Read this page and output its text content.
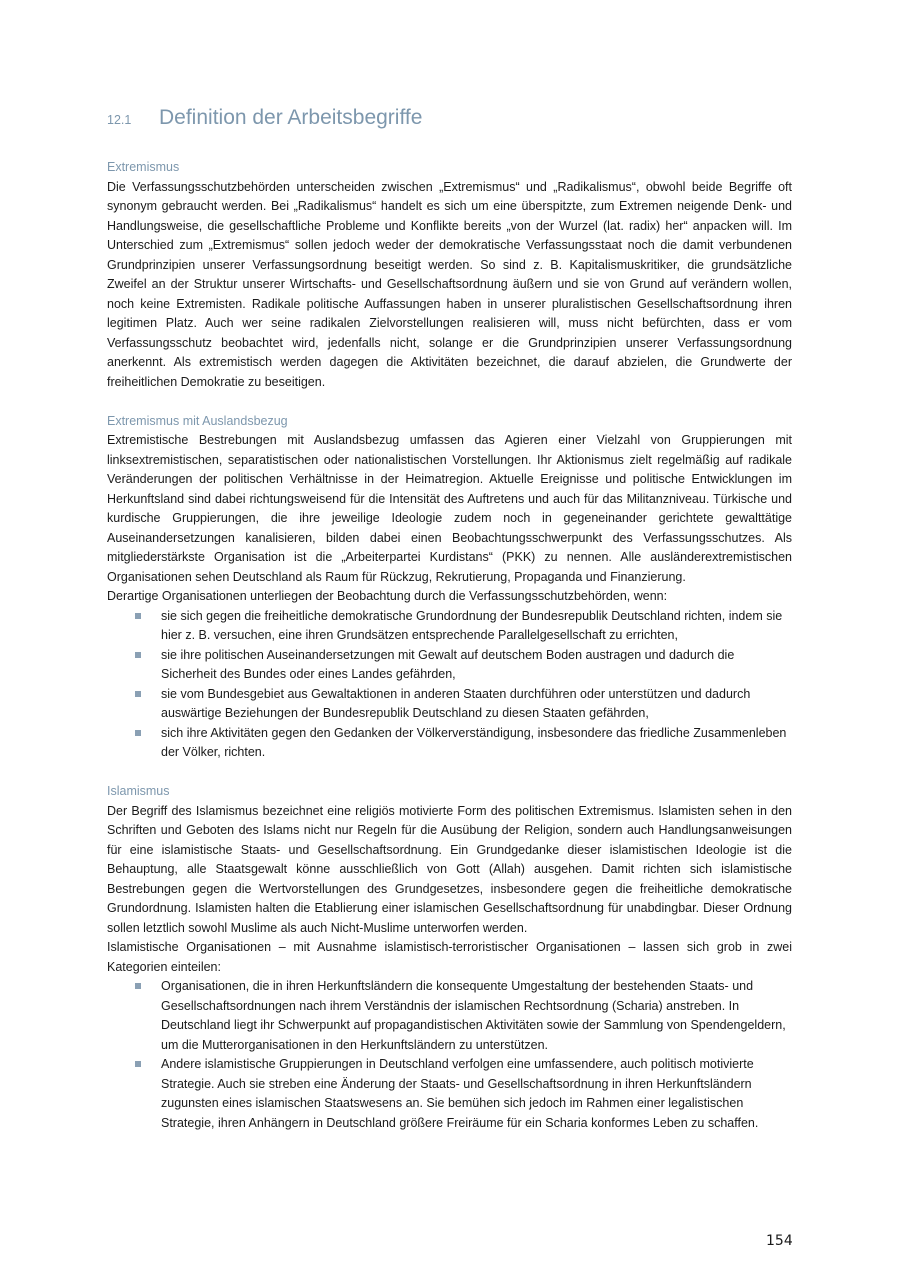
12.1 Definition der Arbeitsbegriffe
Extremismus
Die Verfassungsschutzbehörden unterscheiden zwischen „Extremismus“ und „Radikalismus“, obwohl beide Begriffe oft synonym gebraucht werden. Bei „Radikalismus“ handelt es sich um eine überspitzte, zum Extremen neigende Denk- und Handlungsweise, die gesellschaftliche Probleme und Konflikte bereits „von der Wurzel (lat. radix) her“ anpacken will. Im Unterschied zum „Extremismus“ sollen jedoch weder der demokratische Verfassungsstaat noch die damit verbundenen Grundprinzipien unserer Verfassungsordnung beseitigt werden. So sind z. B. Kapitalismuskritiker, die grundsätzliche Zweifel an der Struktur unserer Wirtschafts- und Gesellschaftsordnung äußern und sie von Grund auf verändern wollen, noch keine Extremisten. Radikale politische Auffassungen haben in unserer pluralistischen Gesellschaftsordnung ihren legitimen Platz. Auch wer seine radikalen Zielvorstellungen realisieren will, muss nicht befürchten, dass er vom Verfassungsschutz beobachtet wird, jedenfalls nicht, solange er die Grundprinzipien unserer Verfassungsordnung anerkennt. Als extremistisch werden dagegen die Aktivitäten bezeichnet, die darauf abzielen, die Grundwerte der freiheitlichen Demokratie zu beseitigen.
Extremismus mit Auslandsbezug
Extremistische Bestrebungen mit Auslandsbezug umfassen das Agieren einer Vielzahl von Gruppierungen mit linksextremistischen, separatistischen oder nationalistischen Vorstellungen. Ihr Aktionismus zielt regelmäßig auf radikale Veränderungen der politischen Verhältnisse in der Heimatregion. Aktuelle Ereignisse und politische Entwicklungen im Herkunftsland sind dabei richtungsweisend für die Intensität des Auftretens und auch für das Militanzniveau. Türkische und kurdische Gruppierungen, die ihre jeweilige Ideologie zudem noch in gegeneinander gerichtete gewalttätige Auseinandersetzungen kanalisieren, bilden dabei einen Beobachtungsschwerpunkt des Verfassungsschutzes. Als mitgliederstärkste Organisation ist die „Arbeiterpartei Kurdistans“ (PKK) zu nennen. Alle ausländerextremistischen Organisationen sehen Deutschland als Raum für Rückzug, Rekrutierung, Propaganda und Finanzierung.
Derartige Organisationen unterliegen der Beobachtung durch die Verfassungsschutzbehörden, wenn:
sie sich gegen die freiheitliche demokratische Grundordnung der Bundesrepublik Deutschland richten, indem sie hier z. B. versuchen, eine ihren Grundsätzen entsprechende Parallelgesellschaft zu errichten,
sie ihre politischen Auseinandersetzungen mit Gewalt auf deutschem Boden austragen und dadurch die Sicherheit des Bundes oder eines Landes gefährden,
sie vom Bundesgebiet aus Gewaltaktionen in anderen Staaten durchführen oder unterstützen und dadurch auswärtige Beziehungen der Bundesrepublik Deutschland zu diesen Staaten gefährden,
sich ihre Aktivitäten gegen den Gedanken der Völkerverständigung, insbesondere das friedliche Zusammenleben der Völker, richten.
Islamismus
Der Begriff des Islamismus bezeichnet eine religiös motivierte Form des politischen Extremismus. Islamisten sehen in den Schriften und Geboten des Islams nicht nur Regeln für die Ausübung der Religion, sondern auch Handlungsanweisungen für eine islamistische Staats- und Gesellschaftsordnung. Ein Grundgedanke dieser islamistischen Ideologie ist die Behauptung, alle Staatsgewalt könne ausschließlich von Gott (Allah) ausgehen. Damit richten sich islamistische Bestrebungen gegen die Wertvorstellungen des Grundgesetzes, insbesondere gegen die freiheitliche demokratische Grundordnung. Islamisten halten die Etablierung einer islamischen Gesellschaftsordnung für unabdingbar. Dieser Ordnung sollen letztlich sowohl Muslime als auch Nicht-Muslime unterworfen werden.
Islamistische Organisationen – mit Ausnahme islamistisch-terroristischer Organisationen – lassen sich grob in zwei Kategorien einteilen:
Organisationen, die in ihren Herkunftsländern die konsequente Umgestaltung der bestehenden Staats- und Gesellschaftsordnungen nach ihrem Verständnis der islamischen Rechtsordnung (Scharia) anstreben. In Deutschland liegt ihr Schwerpunkt auf propagandistischen Aktivitäten sowie der Sammlung von Spendengeldern, um die Mutterorganisationen in den Herkunftsländern zu unterstützen.
Andere islamistische Gruppierungen in Deutschland verfolgen eine umfassendere, auch politisch motivierte Strategie. Auch sie streben eine Änderung der Staats- und Gesellschaftsordnung in ihren Herkunftsländern zugunsten eines islamischen Staatswesens an. Sie bemühen sich jedoch im Rahmen einer legalistischen Strategie, ihren Anhängern in Deutschland größere Freiräume für ein Scharia konformes Leben zu schaffen.
154
